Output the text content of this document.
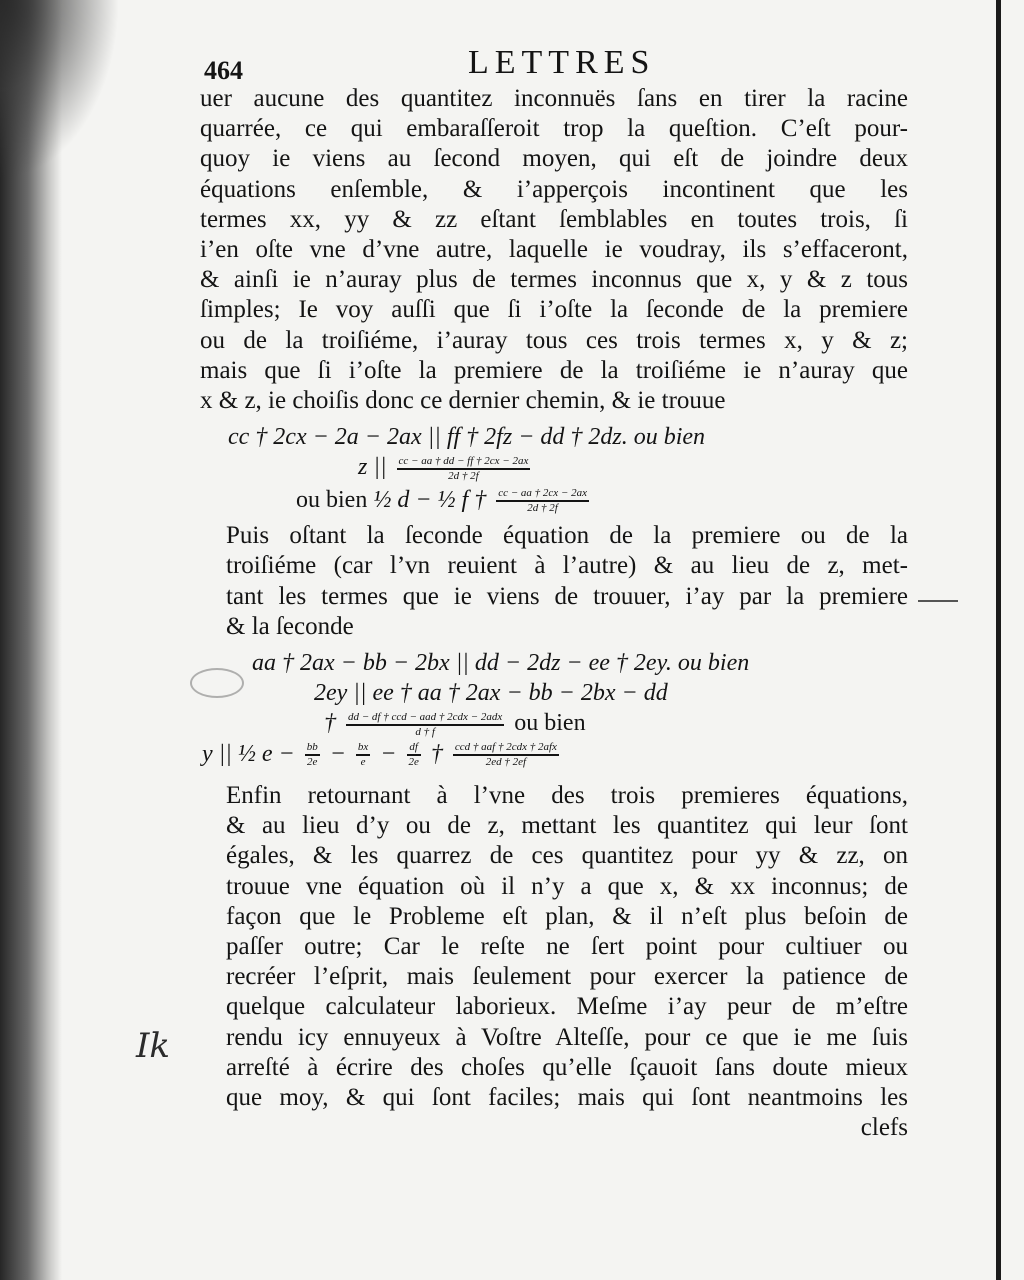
Ik
464	LETTRES

uer aucune des quantitez inconnuës ſans en tirer la racine

quarrée, ce qui embaraſſeroit trop la queſtion. C’eſt pour-

quoy ie viens au ſecond moyen, qui eſt de joindre deux

équations enſemble, & i’apperçois incontinent que les

termes xx, yy & zz eſtant ſemblables en toutes trois, ſi

i’en oſte vne d’vne autre, laquelle ie voudray, ils s’effaceront,

& ainſi ie n’auray plus de termes inconnus que x, y & z tous

ſimples; Ie voy auſſi que ſi i’oſte la ſeconde de la premiere

ou de la troiſiéme, i’auray tous ces trois termes x, y & z;

mais que ſi i’oſte la premiere de la troiſiéme ie n’auray que

x & z, ie choiſis donc ce dernier chemin, & ie trouue

cc † 2cx − 2a − 2ax || ff † 2fz − dd † 2dz. ou bien
z || $\frac{cc - aa \dagger dd - ff \dagger 2cx - 2ax}{2d \dagger 2f}$
ou bien ½ d − ½ f † $\frac{cc - aa \dagger 2cx - 2ax}{2d \dagger 2f}$

Puis oſtant la ſeconde équation de la premiere ou de la

troiſiéme (car l’vn reuient à l’autre) & au lieu de z, met-

tant les termes que ie viens de trouuer, i’ay par la premiere

& la ſeconde

aa † 2ax − bb − 2bx || dd − 2dz − ee † 2ey. ou bien
2ey || ee † aa † 2ax − bb − 2bx − dd
† $\frac{\text{dd − df † ccd − aad † 2cdx − 2adx}}{d \dagger f}$ ou bien
y || ½ $e - \frac{bb}{2e} - \frac{bx}{e} - \frac{df}{2e}$ † $\frac{\text{ccd † aaf † 2cdx † 2afx}}{2ed \dagger 2ef}$

Enfin retournant à l’vne des trois premieres équations,

& au lieu d’y ou de z, mettant les quantitez qui leur ſont

égales, & les quarrez de ces quantitez pour yy & zz, on

trouue vne équation où il n’y a que x, & xx inconnus; de

façon que le Probleme eſt plan, & il n’eſt plus beſoin de

paſſer outre; Car le reſte ne ſert point pour cultiuer ou

recréer l’eſprit, mais ſeulement pour exercer la patience de

quelque calculateur laborieux. Meſme i’ay peur de m’eſtre

rendu icy ennuyeux à Voſtre Alteſſe, pour ce que ie me ſuis

arreſté à écrire des choſes qu’elle ſçauoit ſans doute mieux

que moy, & qui ſont faciles; mais qui ſont neantmoins les

clefs
